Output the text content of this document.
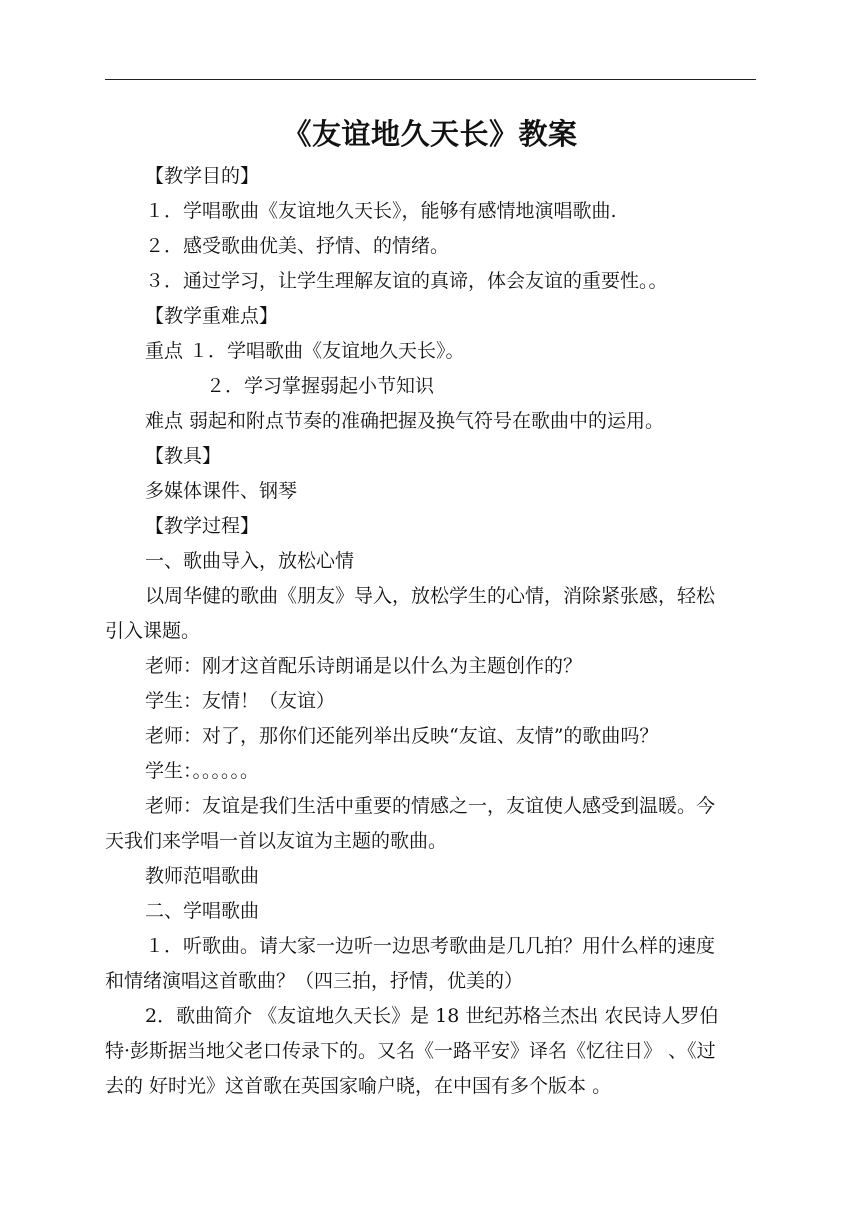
《友谊地久天长》教案
【教学目的】
１．学唱歌曲《友谊地久天长》，能够有感情地演唱歌曲.
２．感受歌曲优美、抒情、的情绪。
３．通过学习，让学生理解友谊的真谛，体会友谊的重要性。。
【教学重难点】
重点 １．学唱歌曲《友谊地久天长》。
２．学习掌握弱起小节知识
难点 弱起和附点节奏的准确把握及换气符号在歌曲中的运用。
【教具】
多媒体课件、钢琴
【教学过程】
一、歌曲导入，放松心情
以周华健的歌曲《朋友》导入，放松学生的心情，消除紧张感，轻松
引入课题。
老师：刚才这首配乐诗朗诵是以什么为主题创作的？
学生：友情！（友谊）
老师：对了，那你们还能列举出反映“友谊、友情”的歌曲吗？
学生：。。。。。。
老师：友谊是我们生活中重要的情感之一，友谊使人感受到温暖。今
天我们来学唱一首以友谊为主题的歌曲。
教师范唱歌曲
二、学唱歌曲
１．听歌曲。请大家一边听一边思考歌曲是几几拍？用什么样的速度
和情绪演唱这首歌曲？（四三拍，抒情，优美的）
2．歌曲简介 《友谊地久天长》是 18 世纪苏格兰杰出 农民诗人罗伯
特·彭斯据当地父老口传录下的。又名《一路平安》译名《忆往日》 、《过
去的 好时光》这首歌在英国家喻户晓，在中国有多个版本 。
